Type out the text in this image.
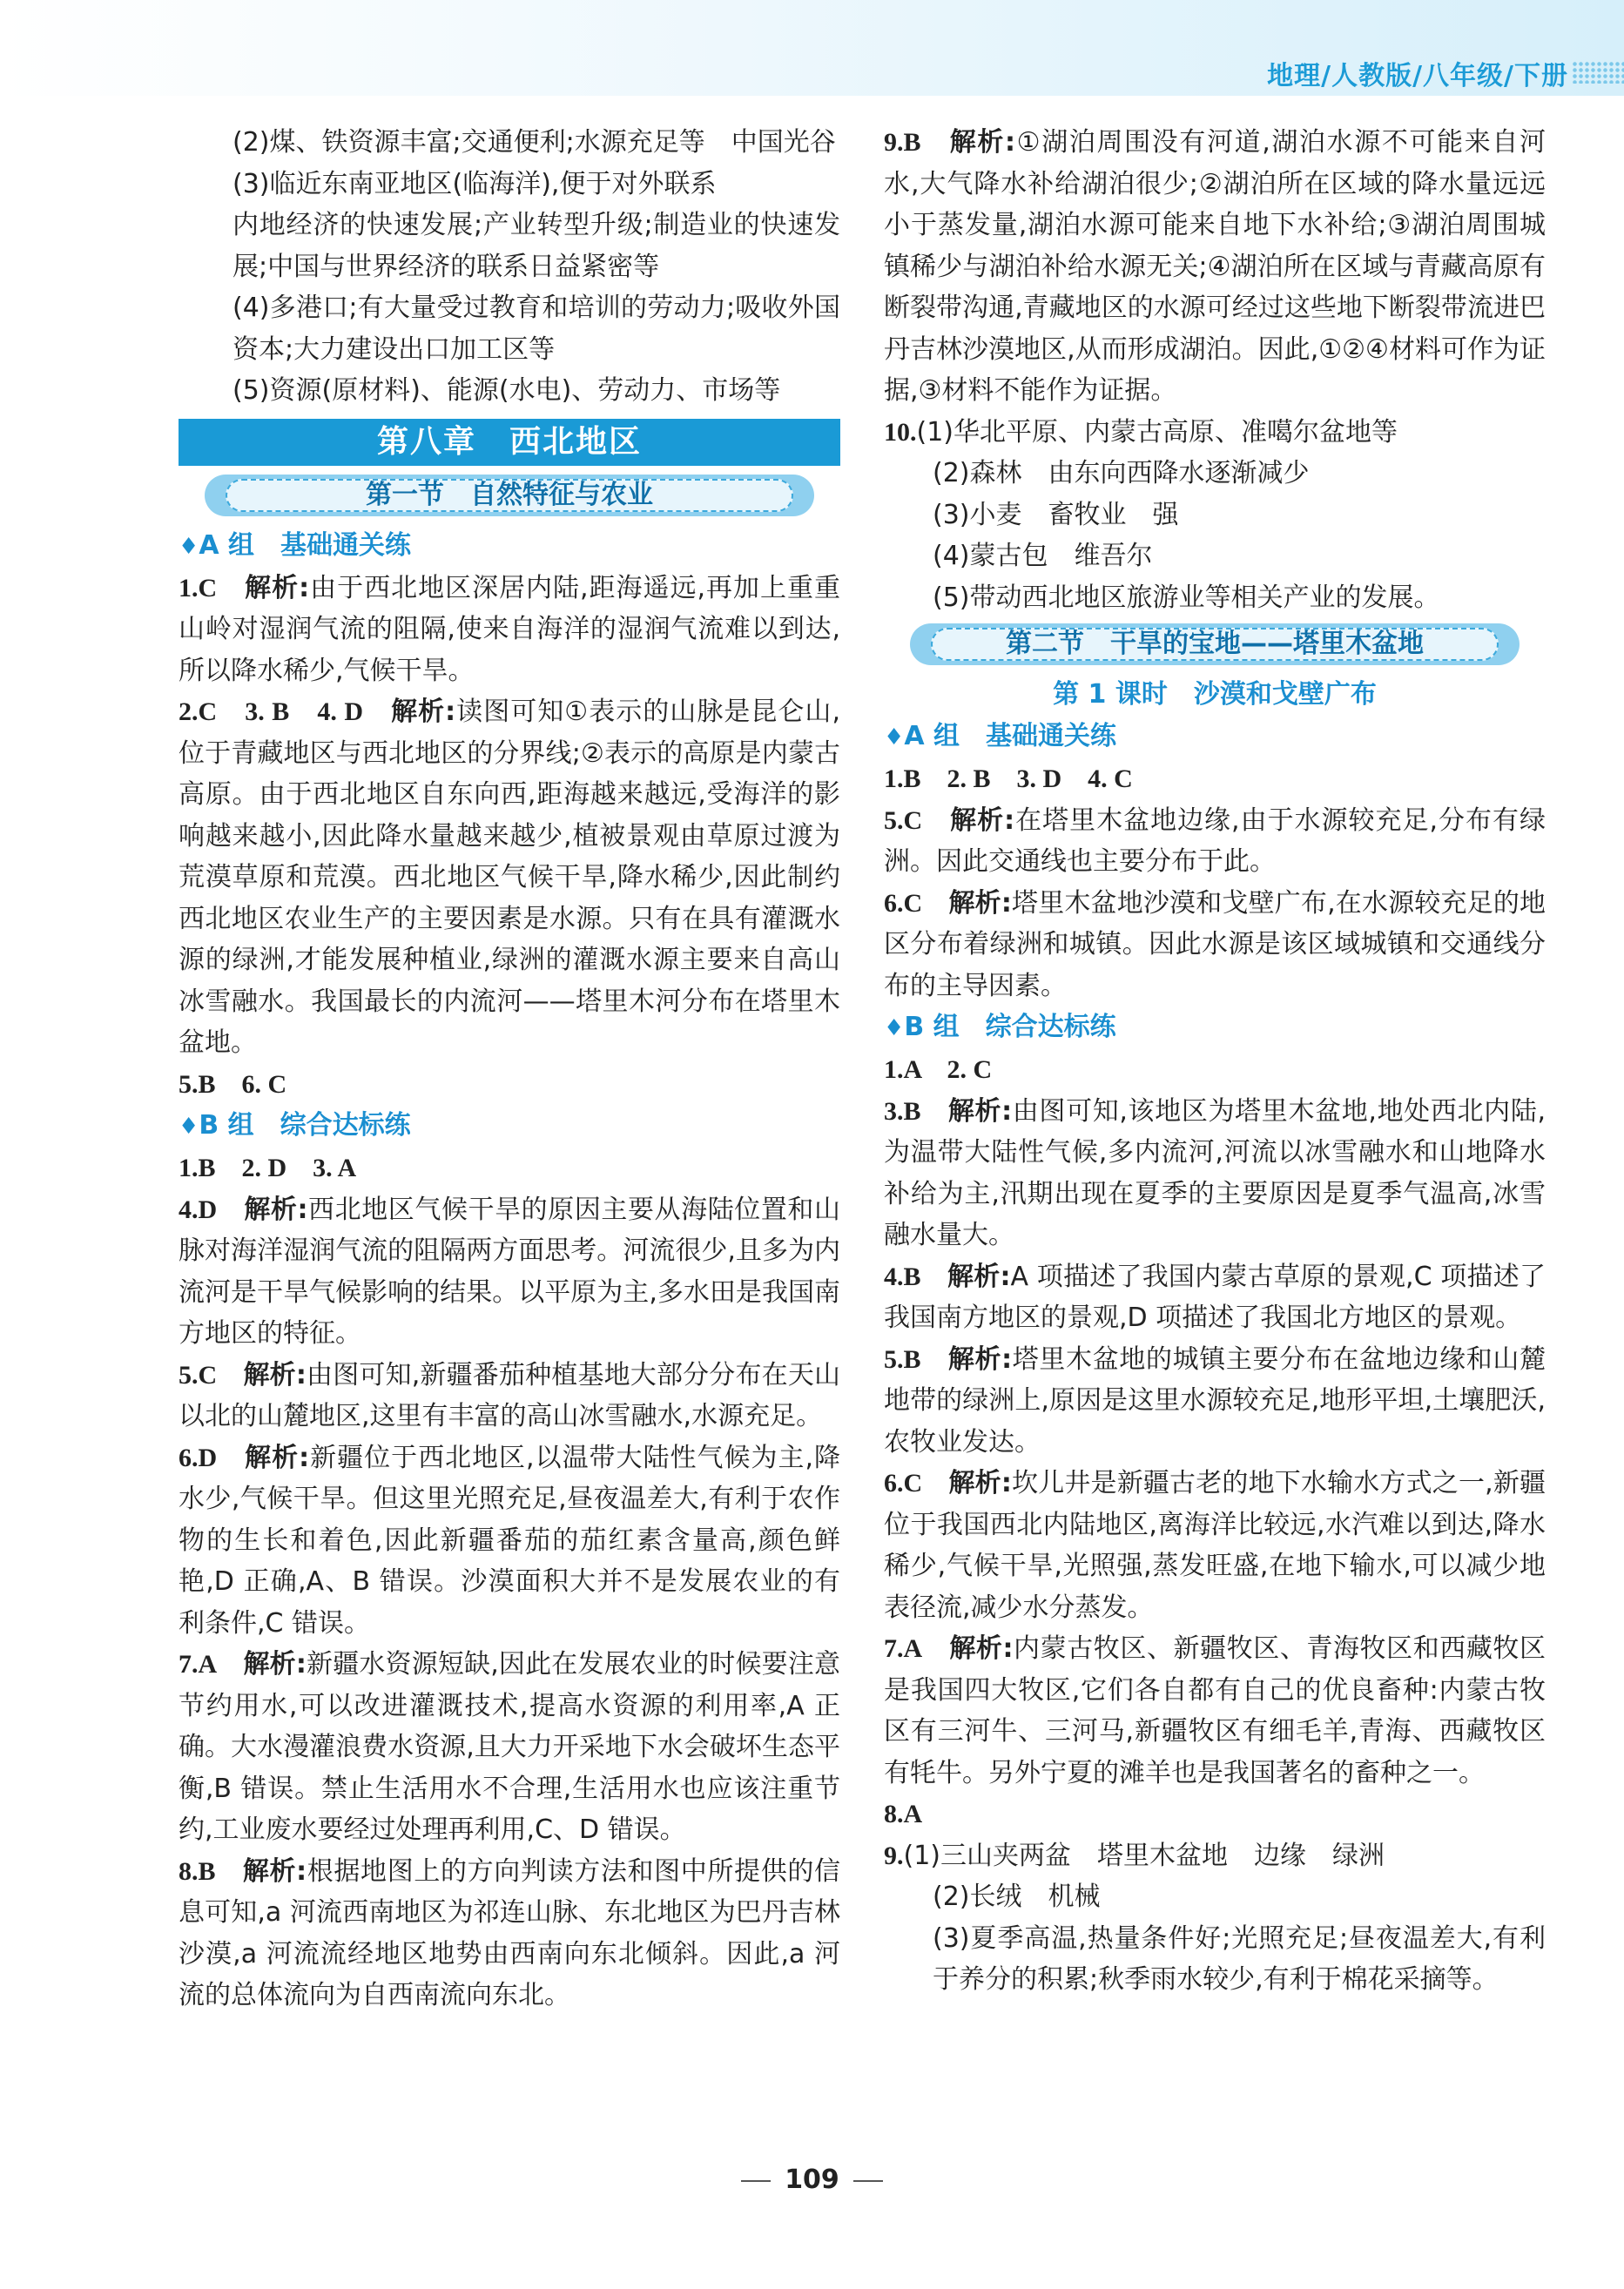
地理/人教版/八年级/下册

(2)煤、铁资源丰富;交通便利;水源充足等　中国光谷

(3)临近东南亚地区(临海洋),便于对外联系

内地经济的快速发展;产业转型升级;制造业的快速发展;中国与世界经济的联系日益紧密等

(4)多港口;有大量受过教育和培训的劳动力;吸收外国资本;大力建设出口加工区等

(5)资源(原材料)、能源(水电)、劳动力、市场等

第八章　西北地区
第一节　自然特征与农业

♦A 组　基础通关练

1.C　 解析:由于西北地区深居内陆,距海遥远,再加上重重山岭对湿润气流的阻隔,使来自海洋的湿润气流难以到达,所以降水稀少,气候干旱。

2.C　3. B　4. D　 解析:读图可知①表示的山脉是昆仑山,位于青藏地区与西北地区的分界线;②表示的高原是内蒙古高原。由于西北地区自东向西,距海越来越远,受海洋的影响越来越小,因此降水量越来越少,植被景观由草原过渡为荒漠草原和荒漠。西北地区气候干旱,降水稀少,因此制约西北地区农业生产的主要因素是水源。只有在具有灌溉水源的绿洲,才能发展种植业,绿洲的灌溉水源主要来自高山冰雪融水。我国最长的内流河——塔里木河分布在塔里木盆地。

5.B　6. C

♦B 组　综合达标练

1.B　2. D　3. A

4.D　 解析:西北地区气候干旱的原因主要从海陆位置和山脉对海洋湿润气流的阻隔两方面思考。河流很少,且多为内流河是干旱气候影响的结果。以平原为主,多水田是我国南方地区的特征。

5.C　 解析:由图可知,新疆番茄种植基地大部分分布在天山以北的山麓地区,这里有丰富的高山冰雪融水,水源充足。

6.D　 解析:新疆位于西北地区,以温带大陆性气候为主,降水少,气候干旱。但这里光照充足,昼夜温差大,有利于农作物的生长和着色,因此新疆番茄的茄红素含量高,颜色鲜艳,D 正确,A、B 错误。沙漠面积大并不是发展农业的有利条件,C 错误。

7.A　 解析:新疆水资源短缺,因此在发展农业的时候要注意节约用水,可以改进灌溉技术,提高水资源的利用率,A 正确。大水漫灌浪费水资源,且大力开采地下水会破坏生态平衡,B 错误。禁止生活用水不合理,生活用水也应该注重节约,工业废水要经过处理再利用,C、D 错误。

8.B　 解析:根据地图上的方向判读方法和图中所提供的信息可知,a 河流西南地区为祁连山脉、东北地区为巴丹吉林沙漠,a 河流流经地区地势由西南向东北倾斜。因此,a 河流的总体流向为自西南流向东北。

9.B　 解析:①湖泊周围没有河道,湖泊水源不可能来自河水,大气降水补给湖泊很少;②湖泊所在区域的降水量远远小于蒸发量,湖泊水源可能来自地下水补给;③湖泊周围城镇稀少与湖泊补给水源无关;④湖泊所在区域与青藏高原有断裂带沟通,青藏地区的水源可经过这些地下断裂带流进巴丹吉林沙漠地区,从而形成湖泊。因此,①②④材料可作为证据,③材料不能作为证据。

10.(1)华北平原、内蒙古高原、准噶尔盆地等

(2)森林　由东向西降水逐渐减少

(3)小麦　畜牧业　强

(4)蒙古包　维吾尔

(5)带动西北地区旅游业等相关产业的发展。

第二节　干旱的宝地——塔里木盆地
第 1 课时　沙漠和戈壁广布

♦A 组　基础通关练

1.B　2. B　3. D　4. C

5.C　 解析:在塔里木盆地边缘,由于水源较充足,分布有绿洲。因此交通线也主要分布于此。

6.C　 解析:塔里木盆地沙漠和戈壁广布,在水源较充足的地区分布着绿洲和城镇。因此水源是该区域城镇和交通线分布的主导因素。

♦B 组　综合达标练

1.A　2. C

3.B　 解析:由图可知,该地区为塔里木盆地,地处西北内陆,为温带大陆性气候,多内流河,河流以冰雪融水和山地降水补给为主,汛期出现在夏季的主要原因是夏季气温高,冰雪融水量大。

4.B　 解析:A 项描述了我国内蒙古草原的景观,C 项描述了我国南方地区的景观,D 项描述了我国北方地区的景观。

5.B　 解析:塔里木盆地的城镇主要分布在盆地边缘和山麓地带的绿洲上,原因是这里水源较充足,地形平坦,土壤肥沃,农牧业发达。

6.C　 解析:坎儿井是新疆古老的地下水输水方式之一,新疆位于我国西北内陆地区,离海洋比较远,水汽难以到达,降水稀少,气候干旱,光照强,蒸发旺盛,在地下输水,可以减少地表径流,减少水分蒸发。

7.A　 解析:内蒙古牧区、新疆牧区、青海牧区和西藏牧区是我国四大牧区,它们各自都有自己的优良畜种:内蒙古牧区有三河牛、三河马,新疆牧区有细毛羊,青海、西藏牧区有牦牛。另外宁夏的滩羊也是我国著名的畜种之一。

8.A

9.(1)三山夹两盆　塔里木盆地　边缘　绿洲

(2)长绒　机械

(3)夏季高温,热量条件好;光照充足;昼夜温差大,有利于养分的积累;秋季雨水较少,有利于棉花采摘等。

109
